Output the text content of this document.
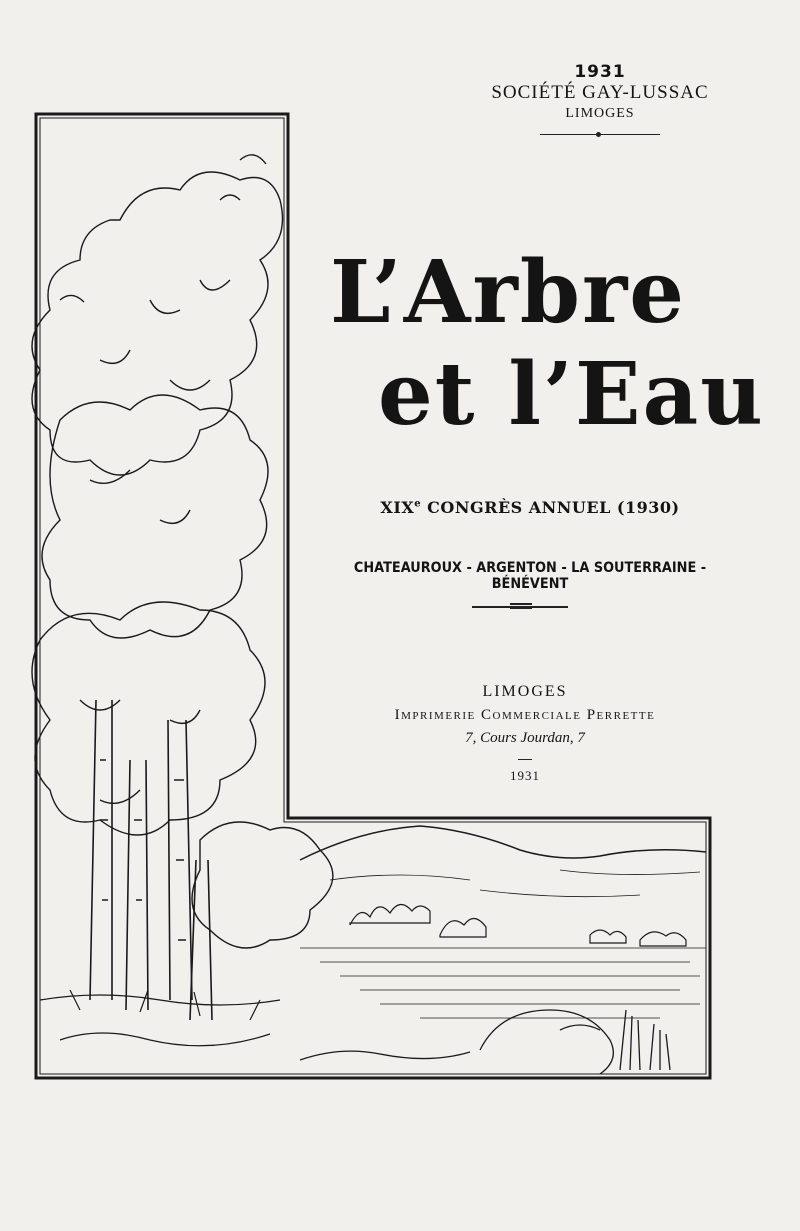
1931
SOCIÉTÉ GAY-LUSSAC
LIMOGES
L’Arbre
et l’Eau
XIXe CONGRÈS ANNUEL (1930)
CHATEAUROUX - ARGENTON - LA SOUTERRAINE - BÉNÉVENT
LIMOGES
Imprimerie Commerciale Perrette
7, Cours Jourdan, 7
1931
